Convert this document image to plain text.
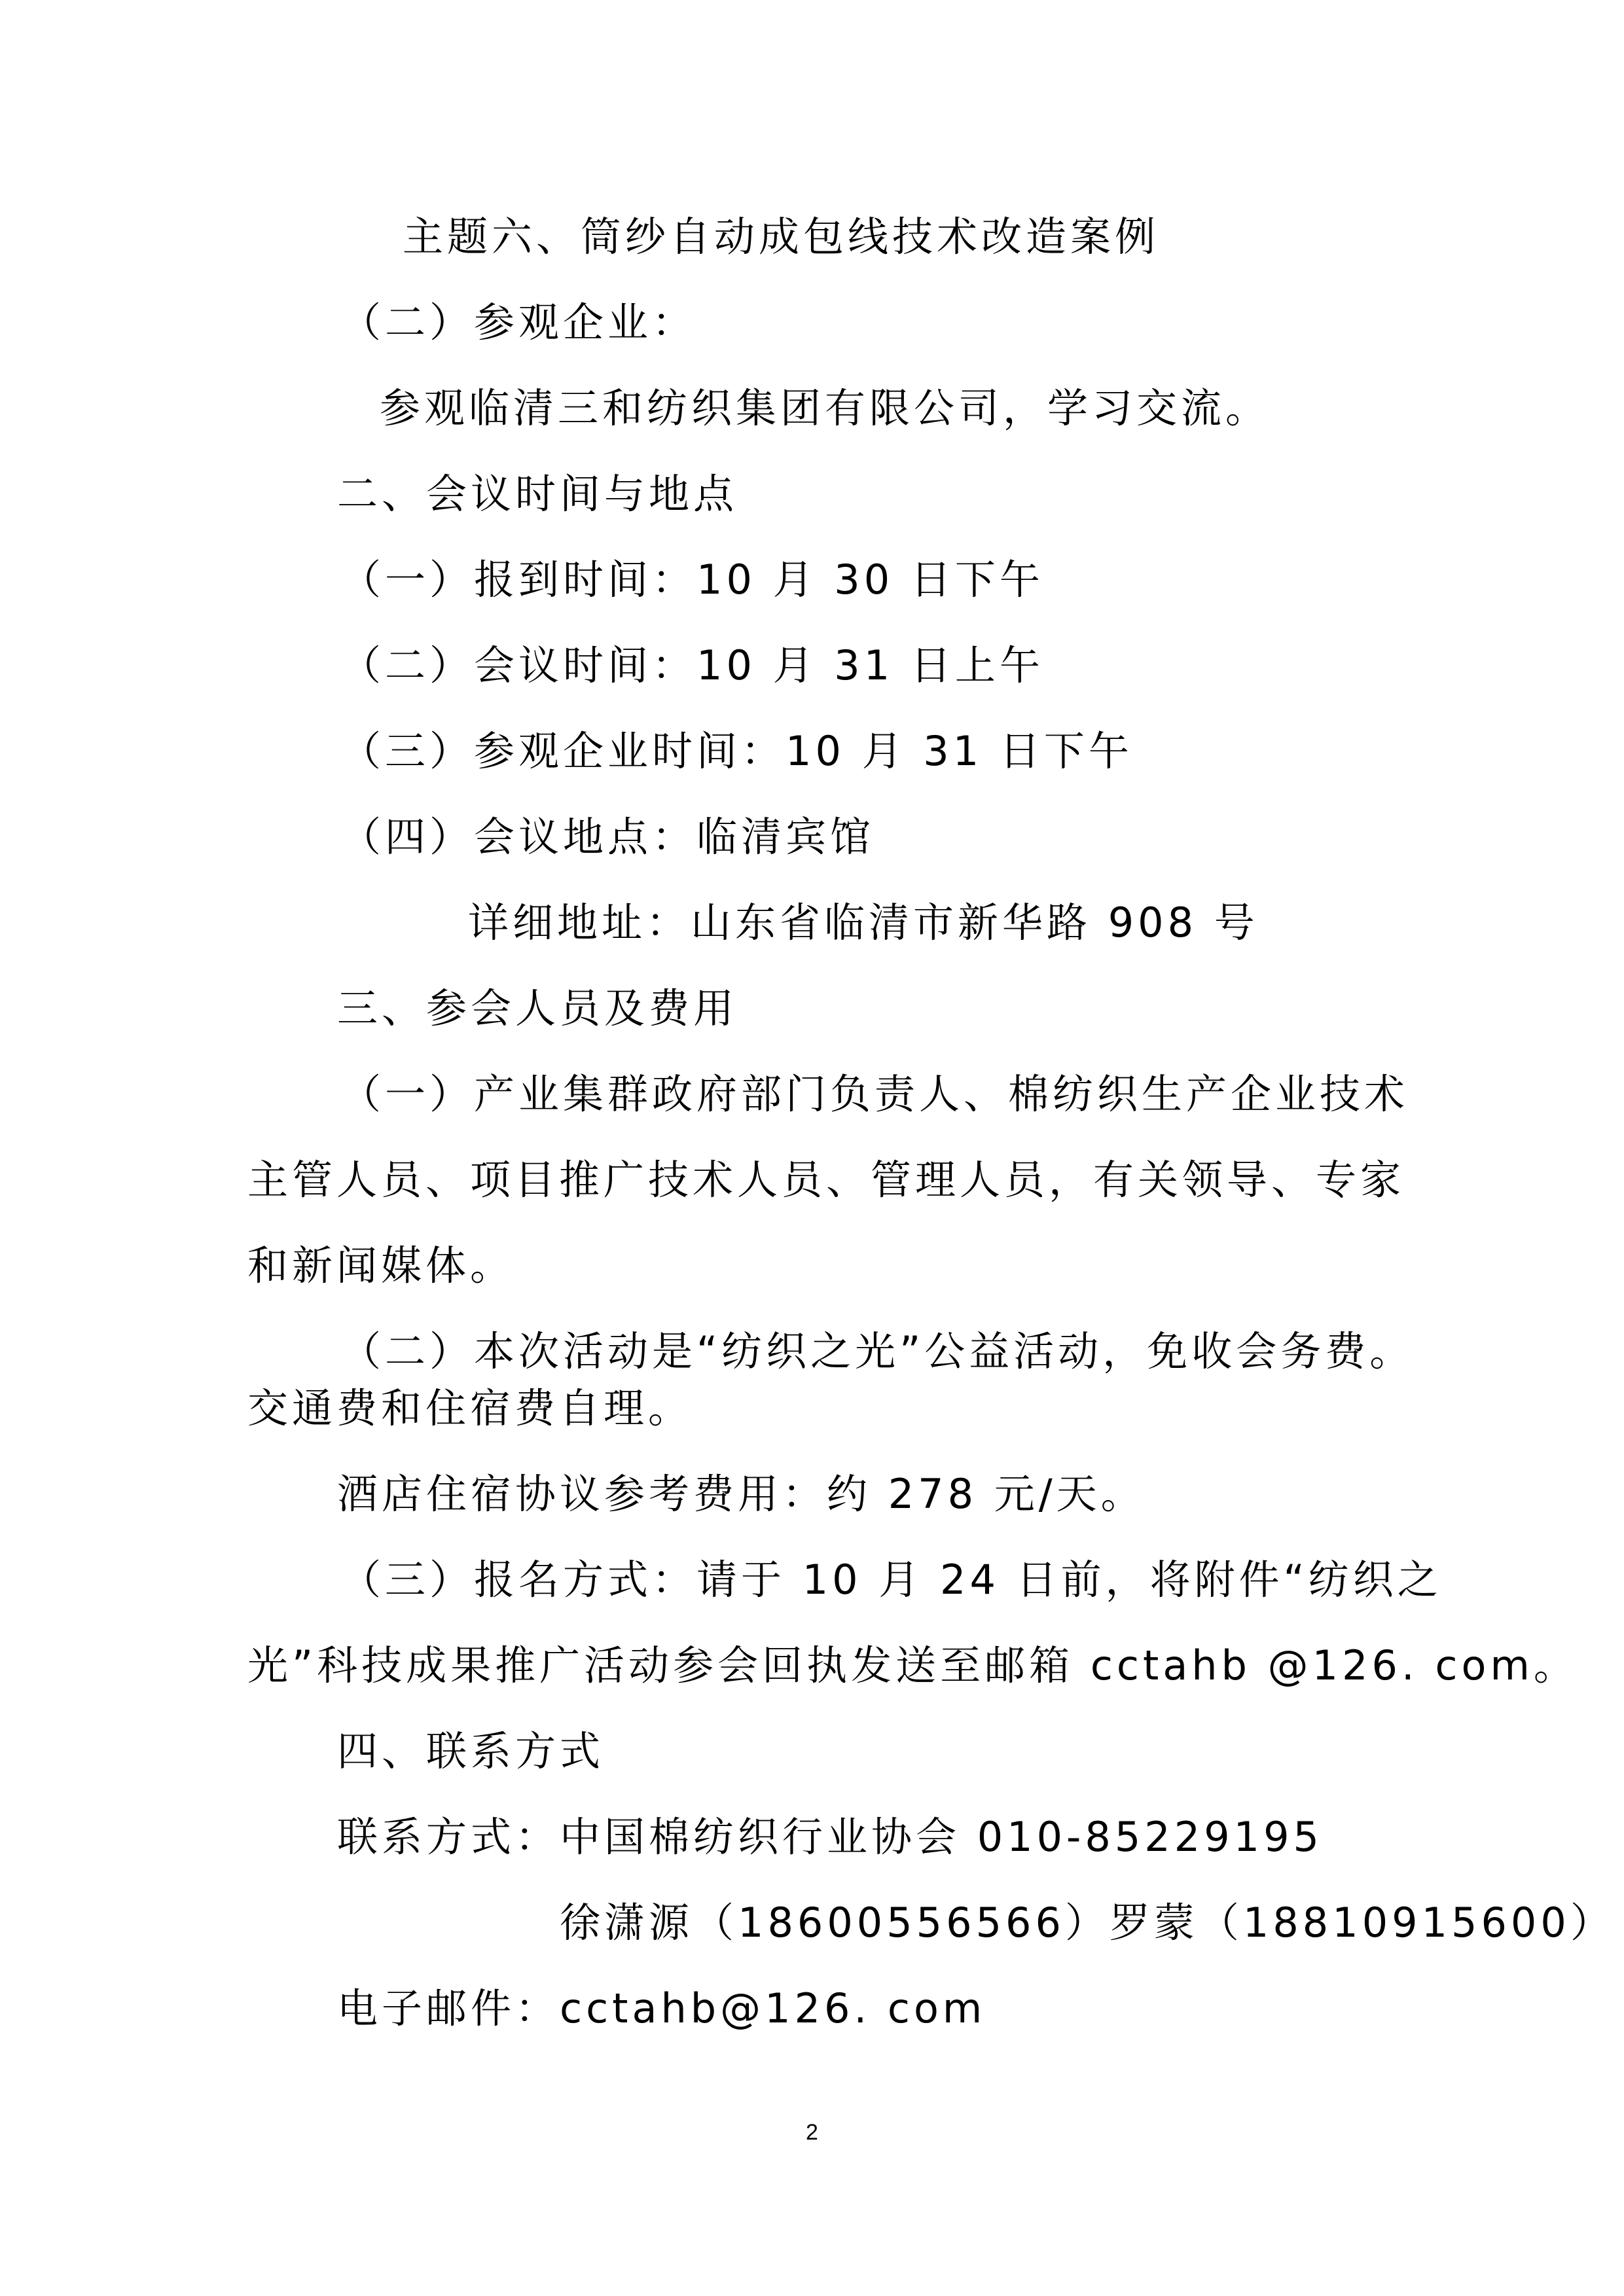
主题六、筒纱自动成包线技术改造案例
（二）参观企业：
参观临清三和纺织集团有限公司，学习交流。
二、会议时间与地点
（一）报到时间：10 月 30 日下午
（二）会议时间：10 月 31 日上午
（三）参观企业时间：10 月 31 日下午
（四）会议地点：临清宾馆
详细地址：山东省临清市新华路 908 号
三、参会人员及费用
（一）产业集群政府部门负责人、棉纺织生产企业技术
主管人员、项目推广技术人员、管理人员，有关领导、专家
和新闻媒体。
（二）本次活动是“纺织之光”公益活动，免收会务费。
交通费和住宿费自理。
酒店住宿协议参考费用：约 278 元/天。
（三）报名方式：请于 10 月 24 日前，将附件“纺织之
光”科技成果推广活动参会回执发送至邮箱 cctahb @126. com。
四、联系方式
联系方式：中国棉纺织行业协会 010-85229195
徐潇源（18600556566）罗蒙（18810915600）
电子邮件：cctahb@126. com
2
